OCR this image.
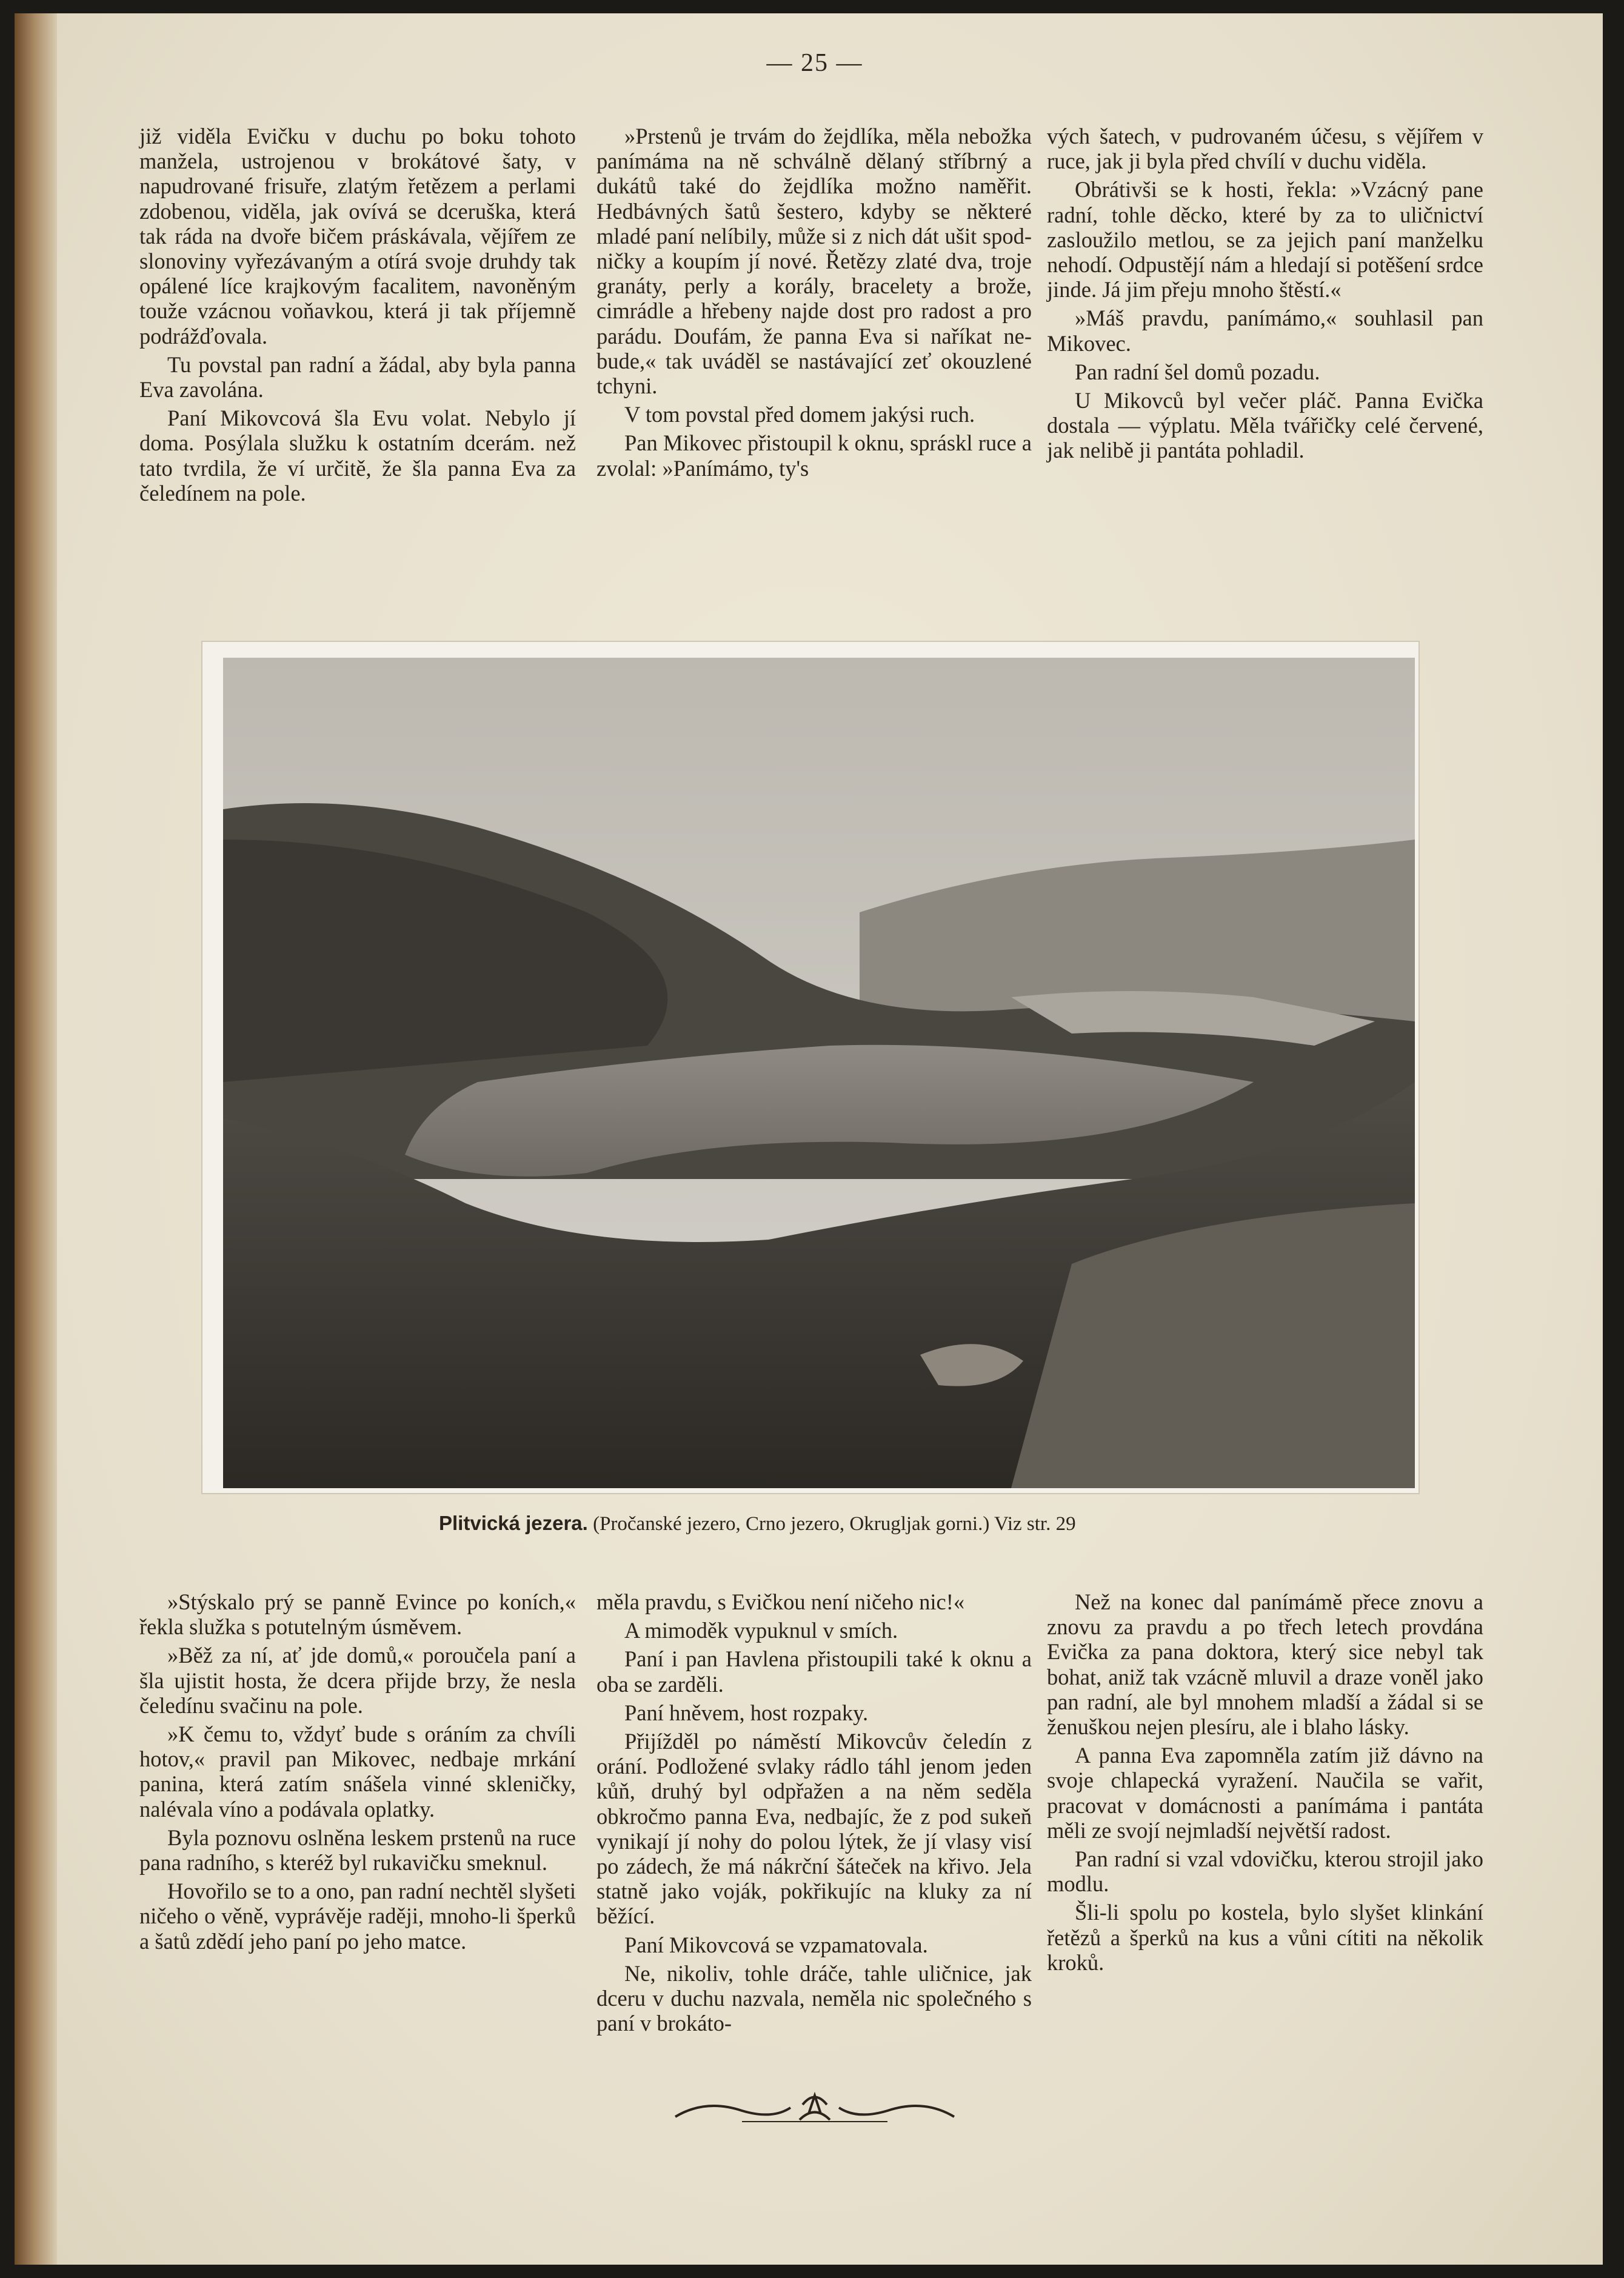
— 25 —

již viděla Evičku v duchu po boku tohoto manžela, ustrojenou v brokátové šaty, v napudrované frisuře, zlatým řetězem a perlami zdobenou, viděla, jak ovívá se dceruška, která tak ráda na dvoře bičem práskávala, vějířem ze slonoviny vyřezávaným a otírá svoje druhdy tak opálené líce krajkovým facalitem, navoněným touže vzácnou voňavkou, která ji tak příjemně podrážďovala.

Tu povstal pan radní a žádal, aby byla panna Eva zavolána.

Paní Mikovcová šla Evu volat. Nebylo jí doma. Posýlala služku k ostatním dcerám. než tato tvrdila, že ví určitě, že šla panna Eva za čeledínem na pole.

»Prstenů je trvám do žejdlíka, měla nebožka panímáma na ně schválně dělaný stříbrný a dukátů také do žejdlíka možno naměřit. Hedbávných šatů šestero, kdyby se některé mladé paní nelíbily, může si z nich dát ušit spodničky a koupím jí nové. Řetězy zlaté dva, troje granáty, perly a korály, bracelety a brože, cimrádle a hřebeny najde dost pro radost a pro parádu. Doufám, že panna Eva si naříkat nebude,« tak uváděl se nastávající zeť okouzlené tchyni.

V tom povstal před domem jakýsi ruch.

Pan Mikovec přistoupil k oknu, spráskl ruce a zvolal: »Panímámo, ty's

vých šatech, v pudrovaném účesu, s vějířem v ruce, jak ji byla před chvílí v duchu viděla.

Obrátivši se k hosti, řekla: »Vzácný pane radní, tohle děcko, které by za to uličnictví zasloužilo metlou, se za jejich paní manželku nehodí. Odpustějí nám a hledají si potěšení srdce jinde. Já jim přeju mnoho štěstí.«

»Máš pravdu, panímámo,« souhlasil pan Mikovec.

Pan radní šel domů pozadu.

U Mikovců byl večer pláč. Panna Evička dostala — výplatu. Měla tvářičky celé červené, jak nelibě ji pantáta pohladil.

Plitvická jezera. (Pročanské jezero, Crno jezero, Okrugljak gorni.) Viz str. 29

»Stýskalo prý se panně Evince po koních,« řekla služka s potutelným úsměvem.

»Běž za ní, ať jde domů,« poroučela paní a šla ujistit hosta, že dcera přijde brzy, že nesla čeledínu svačinu na pole.

»K čemu to, vždyť bude s oráním za chvíli hotov,« pravil pan Mikovec, nedbaje mrkání panina, která zatím snášela vinné skleničky, nalévala víno a podávala oplatky.

Byla poznovu oslněna leskem prstenů na ruce pana radního, s kteréž byl rukavičku smeknul.

Hovořilo se to a ono, pan radní nechtěl slyšeti ničeho o věně, vyprávěje raději, mnoho-li šperků a šatů zdědí jeho paní po jeho matce.

měla pravdu, s Evičkou není ničeho nic!«

A mimoděk vypuknul v smích.

Paní i pan Havlena přistoupili také k oknu a oba se zarděli.

Paní hněvem, host rozpaky.

Přijížděl po náměstí Mikovcův čeledín z orání. Podložené svlaky rádlo táhl jenom jeden kůň, druhý byl odpřažen a na něm seděla obkročmo panna Eva, nedbajíc, že z pod sukeň vynikají jí nohy do polou lýtek, že jí vlasy visí po zádech, že má nákrční šáteček na křivo. Jela statně jako voják, pokřikujíc na kluky za ní běžící.

Paní Mikovcová se vzpamatovala.

Ne, nikoliv, tohle dráče, tahle uličnice, jak dceru v duchu nazvala, neměla nic společného s paní v brokáto-

Než na konec dal panímámě přece znovu a znovu za pravdu a po třech letech provdána Evička za pana doktora, který sice nebyl tak bohat, aniž tak vzácně mluvil a draze voněl jako pan radní, ale byl mnohem mladší a žádal si se ženuškou nejen plesíru, ale i blaho lásky.

A panna Eva zapomněla zatím již dávno na svoje chlapecká vyražení. Naučila se vařit, pracovat v domácnosti a panímáma i pantáta měli ze svojí nejmladší největší radost.

Pan radní si vzal vdovičku, kterou strojil jako modlu.

Šli-li spolu po kostela, bylo slyšet klinkání řetězů a šperků na kus a vůni cítiti na několik kroků.
